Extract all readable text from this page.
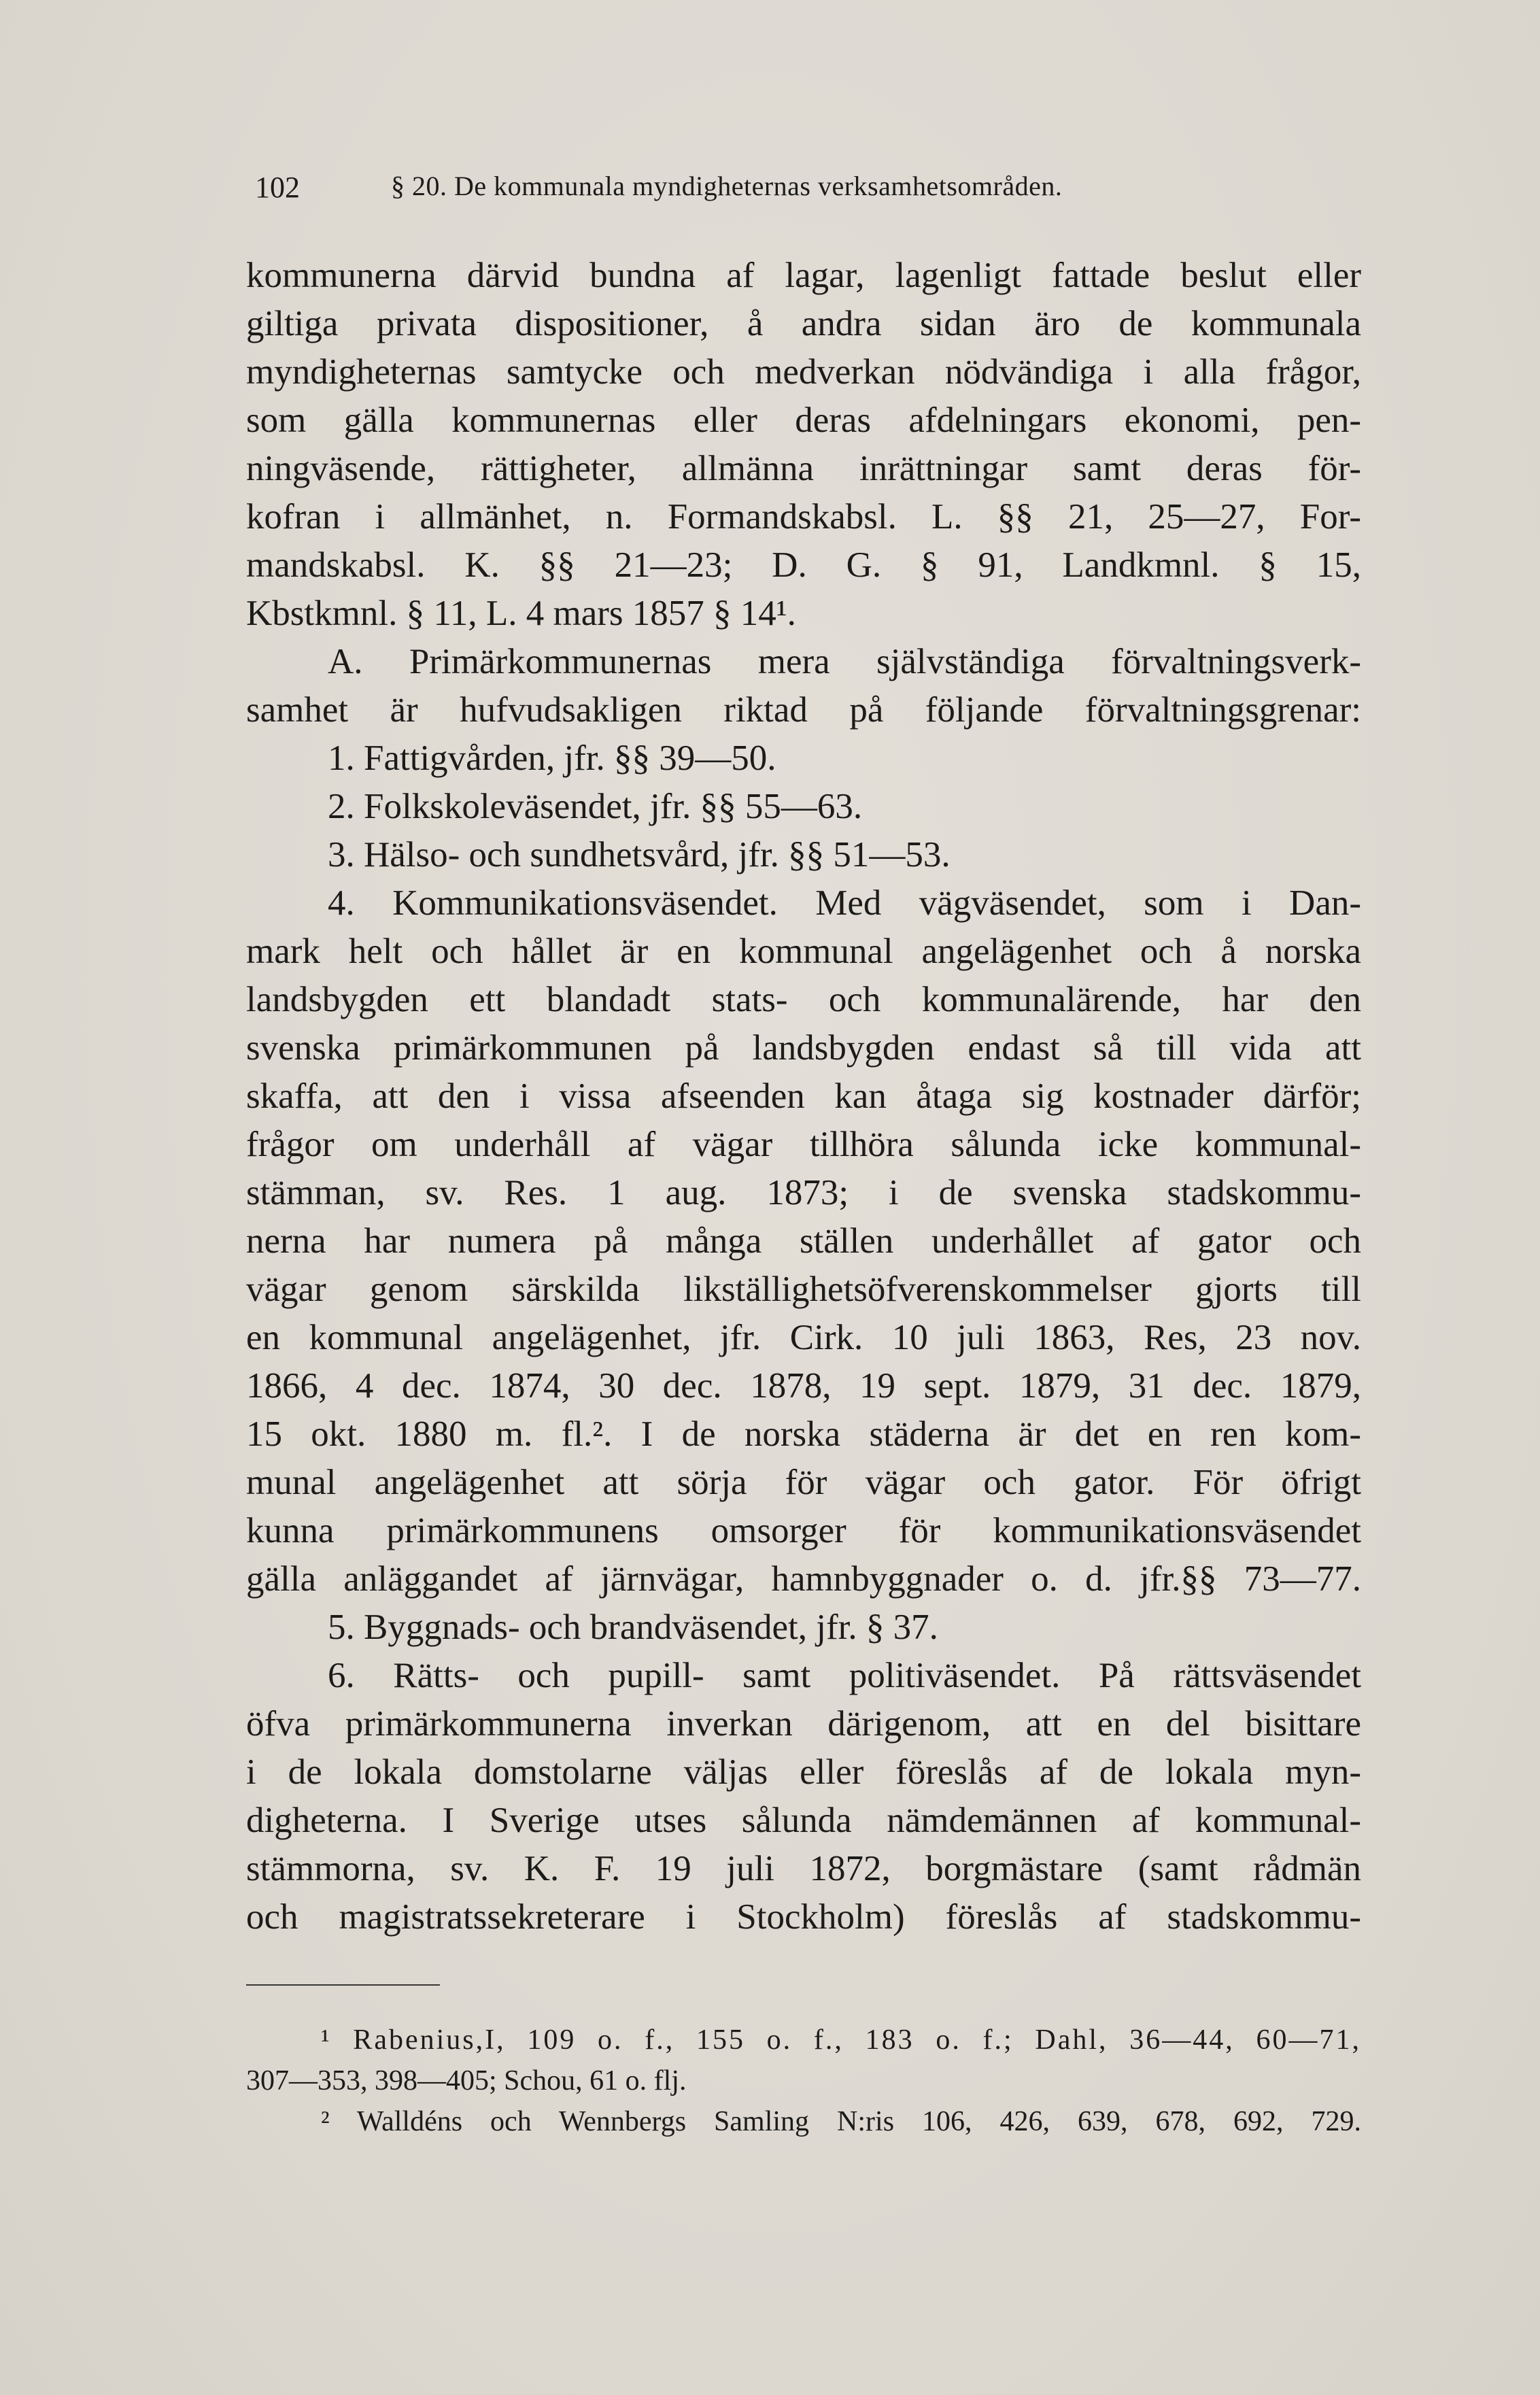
102	§ 20. De kommunala myndigheternas verksamhetsområden.
kommunerna därvid bundna af lagar, lagenligt fattade beslut eller
giltiga privata dispositioner, å andra sidan äro de kommunala
myndigheternas samtycke och medverkan nödvändiga i alla frågor,
som gälla kommunernas eller deras afdelningars ekonomi, pen-
ningväsende, rättigheter, allmänna inrättningar samt deras för-
kofran i allmänhet, n. Formandskabsl. L. §§ 21, 25—27, For-
mandskabsl. K. §§ 21—23; D. G. § 91, Landkmnl. § 15,
Kbstkmnl. § 11, L. 4 mars 1857 § 14¹.
A. Primärkommunernas mera självständiga förvaltningsverk-
samhet är hufvudsakligen riktad på följande förvaltningsgrenar:
1. Fattigvården, jfr. §§ 39—50.
2. Folkskoleväsendet, jfr. §§ 55—63.
3. Hälso- och sundhetsvård, jfr. §§ 51—53.
4. Kommunikationsväsendet. Med vägväsendet, som i Dan-
mark helt och hållet är en kommunal angelägenhet och å norska
landsbygden ett blandadt stats- och kommunalärende, har den
svenska primärkommunen på landsbygden endast så till vida att
skaffa, att den i vissa afseenden kan åtaga sig kostnader därför;
frågor om underhåll af vägar tillhöra sålunda icke kommunal-
stämman, sv. Res. 1 aug. 1873; i de svenska stadskommu-
nerna har numera på många ställen underhållet af gator och
vägar genom särskilda likställighetsöfverenskommelser gjorts till
en kommunal angelägenhet, jfr. Cirk. 10 juli 1863, Res, 23 nov.
1866, 4 dec. 1874, 30 dec. 1878, 19 sept. 1879, 31 dec. 1879,
15 okt. 1880 m. fl.². I de norska städerna är det en ren kom-
munal angelägenhet att sörja för vägar och gator. För öfrigt
kunna primärkommunens omsorger för kommunikationsväsendet
gälla anläggandet af järnvägar, hamnbyggnader o. d. jfr.§§ 73—77.
5. Byggnads- och brandväsendet, jfr. § 37.
6. Rätts- och pupill- samt politiväsendet. På rättsväsendet
öfva primärkommunerna inverkan därigenom, att en del bisittare
i de lokala domstolarne väljas eller föreslås af de lokala myn-
digheterna. I Sverige utses sålunda nämdemännen af kommunal-
stämmorna, sv. K. F. 19 juli 1872, borgmästare (samt rådmän
och magistratssekreterare i Stockholm) föreslås af stadskommu-
¹ Rabenius,I, 109 o. f., 155 o. f., 183 o. f.; Dahl, 36—44, 60—71,
307—353, 398—405; Schou, 61 o. flj.
² Walldéns och Wennbergs Samling N:ris 106, 426, 639, 678, 692, 729.
